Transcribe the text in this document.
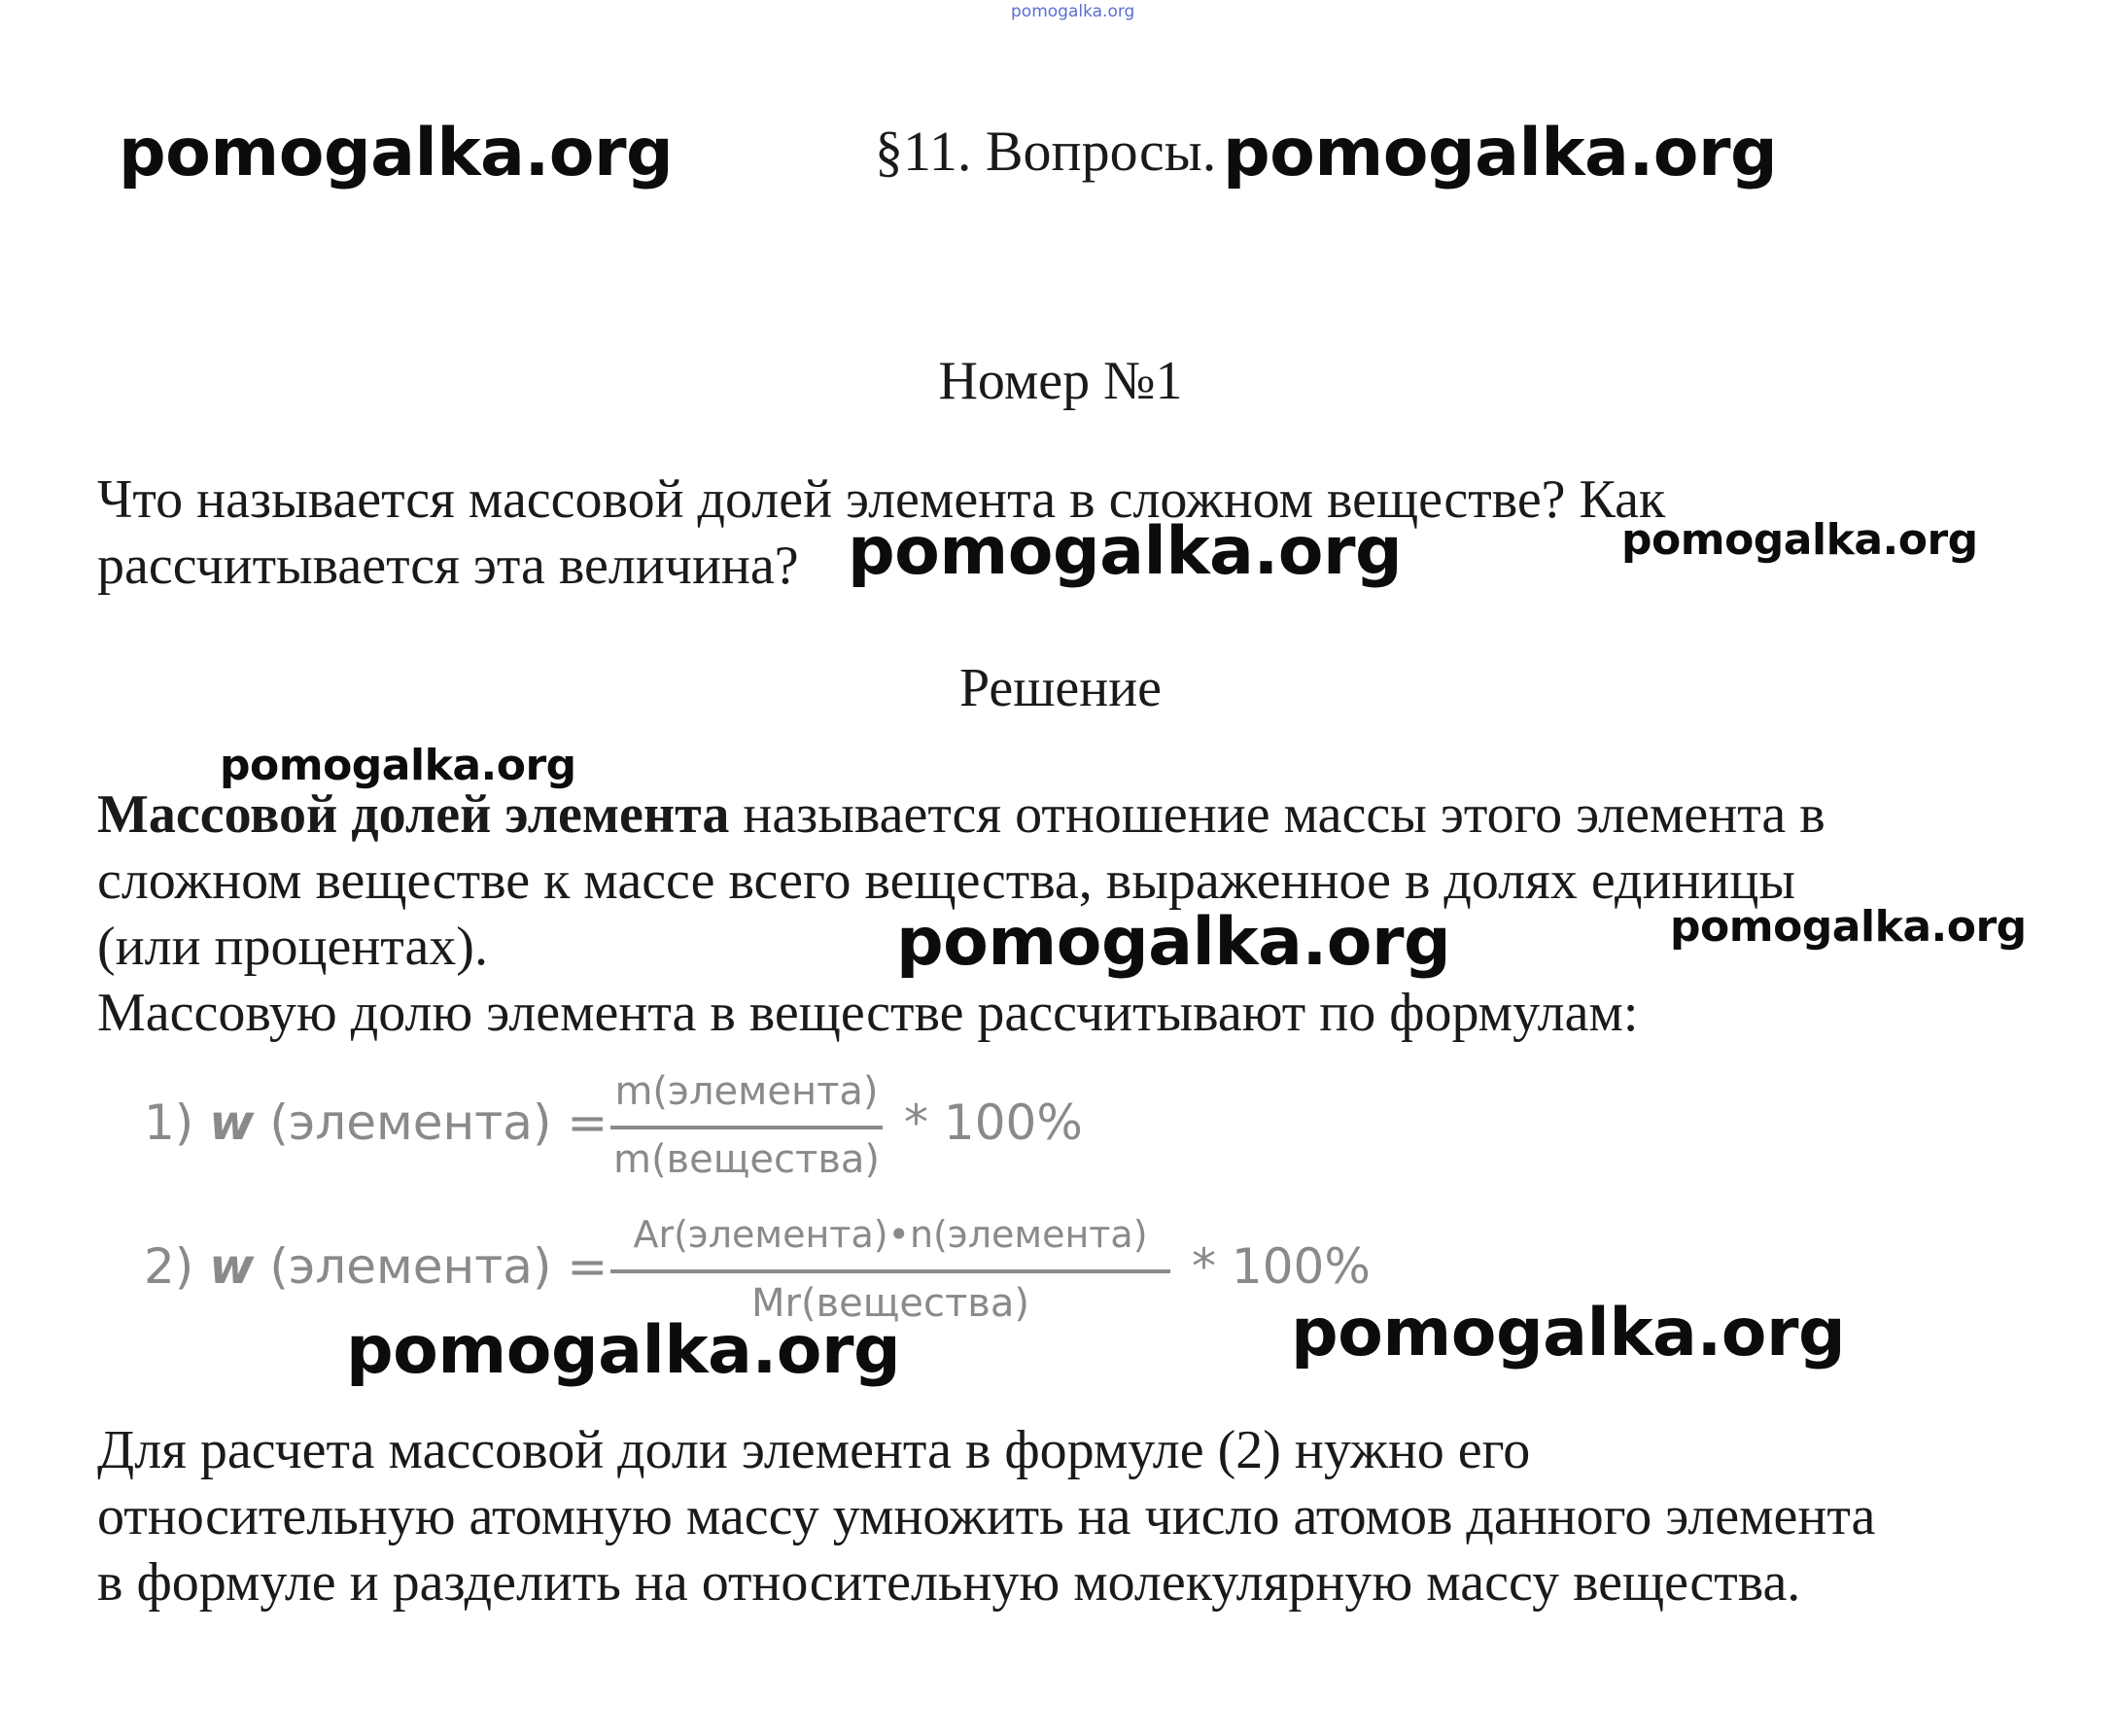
pomogalka.org
pomogalka.org	§11. Вопросы. pomogalka.org
Номер №1
Что называется массовой долей элемента в сложном веществе? Как
рассчитывается эта величина? pomogalka.org	pomogalka.org
Решение
pomogalka.org
Массовой долей элемента называется отношение массы этого элемента в
сложном веществе к массе всего вещества, выраженное в долях единицы
(или процентах).	pomogalka.org	pomogalka.org
Массовую долю элемента в веществе рассчитывают по формулам:
1) w (элемента) =
m(элемента)
m(вещества)
* 100%
2) w (элемента) =
Ar(элемента)•n(элемента)
Mr(вещества)
* 100%
pomogalka.org	pomogalka.org
Для расчета массовой доли элемента в формуле (2) нужно его
относительную атомную массу умножить на число атомов данного элемента
в формуле и разделить на относительную молекулярную массу вещества.
